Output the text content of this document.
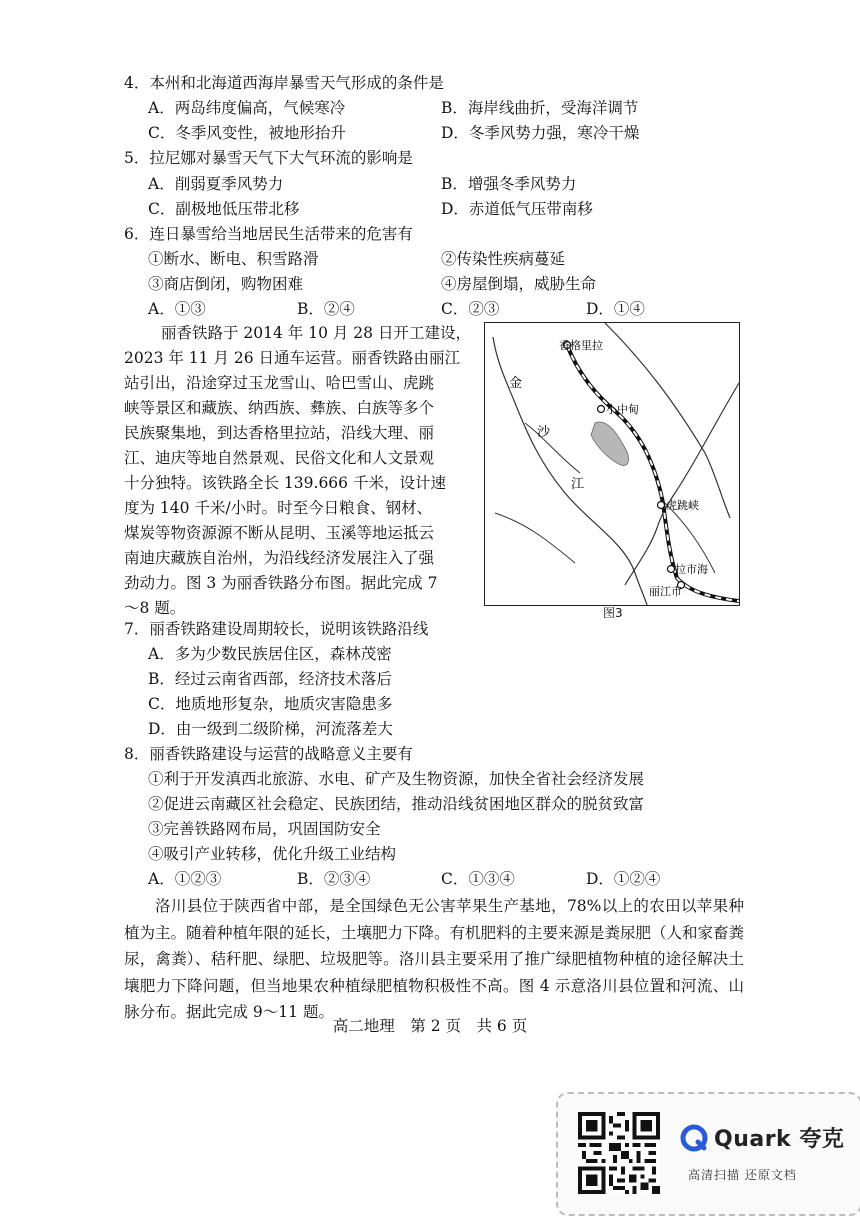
4．本州和北海道西海岸暴雪天气形成的条件是
A．两岛纬度偏高，气候寒冷	B．海岸线曲折，受海洋调节
C．冬季风变性，被地形抬升	D．冬季风势力强，寒冷干燥
5．拉尼娜对暴雪天气下大气环流的影响是
A．削弱夏季风势力	B．增强冬季风势力
C．副极地低压带北移	D．赤道低气压带南移
6．连日暴雪给当地居民生活带来的危害有
①断水、断电、积雪路滑	②传染性疾病蔓延
③商店倒闭，购物困难	④房屋倒塌，威胁生命
A．①③	B．②④	C．②③	D．①④
丽香铁路于 2014 年 10 月 28 日开工建设，
2023 年 11 月 26 日通车运营。丽香铁路由丽江
站引出，沿途穿过玉龙雪山、哈巴雪山、虎跳
峡等景区和藏族、纳西族、彝族、白族等多个
民族聚集地，到达香格里拉站，沿线大理、丽
江、迪庆等地自然景观、民俗文化和人文景观
十分独特。该铁路全长 139.666 千米，设计速
度为 140 千米/小时。时至今日粮食、钢材、
煤炭等物资源源不断从昆明、玉溪等地运抵云
南迪庆藏族自治州，为沿线经济发展注入了强
劲动力。图 3 为丽香铁路分布图。据此完成 7
～8 题。
香格里拉
小中甸
虎跳峡
拉市海
丽江市
金
沙
江
图3
7．丽香铁路建设周期较长，说明该铁路沿线
A．多为少数民族居住区，森林茂密
B．经过云南省西部，经济技术落后
C．地质地形复杂，地质灾害隐患多
D．由一级到二级阶梯，河流落差大
8．丽香铁路建设与运营的战略意义主要有
①利于开发滇西北旅游、水电、矿产及生物资源，加快全省社会经济发展
②促进云南藏区社会稳定、民族团结，推动沿线贫困地区群众的脱贫致富
③完善铁路网布局，巩固国防安全
④吸引产业转移，优化升级工业结构
A．①②③	B．②③④	C．①③④	D．①②④
洛川县位于陕西省中部，是全国绿色无公害苹果生产基地，78%以上的农田以苹果种植为主。随着种植年限的延长，土壤肥力下降。有机肥料的主要来源是粪尿肥（人和家畜粪尿，禽粪）、秸秆肥、绿肥、垃圾肥等。洛川县主要采用了推广绿肥植物种植的途径解决土壤肥力下降问题，但当地果农种植绿肥植物积极性不高。图 4 示意洛川县位置和河流、山脉分布。据此完成 9～11 题。
高二地理　第 2 页　共 6 页
Quark 夸克
高清扫描 还原文档
